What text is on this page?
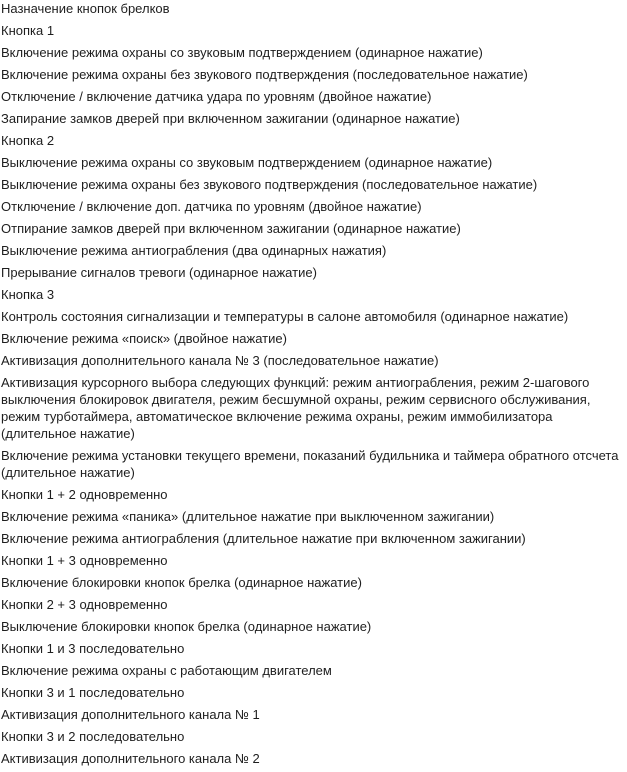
Назначение кнопок брелков
Кнопка 1
Включение режима охраны со звуковым подтверждением (одинарное нажатие)
Включение режима охраны без звукового подтверждения (последовательное нажатие)
Отключение / включение датчика удара по уровням (двойное нажатие)
Запирание замков дверей при включенном зажигании (одинарное нажатие)
Кнопка 2
Выключение режима охраны со звуковым подтверждением (одинарное нажатие)
Выключение режима охраны без звукового подтверждения (последовательное нажатие)
Отключение / включение доп. датчика по уровням (двойное нажатие)
Отпирание замков дверей при включенном зажигании (одинарное нажатие)
Выключение режима антиограбления (два одинарных нажатия)
Прерывание сигналов тревоги (одинарное нажатие)
Кнопка 3
Контроль состояния сигнализации и температуры в салоне автомобиля (одинарное нажатие)
Включение режима «поиск» (двойное нажатие)
Активизация дополнительного канала № 3 (последовательное нажатие)
Активизация курсорного выбора следующих функций: режим антиограбления, режим 2-шагового выключения блокировок двигателя, режим бесшумной охраны, режим сервисного обслуживания, режим турботаймера, автоматическое включение режима охраны, режим иммобилизатора (длительное нажатие)
Включение режима установки текущего времени, показаний будильника и таймера обратного отсчета (длительное нажатие)
Кнопки 1 + 2 одновременно
Включение режима «паника» (длительное нажатие при выключенном зажигании)
Включение режима антиограбления (длительное нажатие при включенном зажигании)
Кнопки 1 + 3 одновременно
Включение блокировки кнопок брелка (одинарное нажатие)
Кнопки 2 + 3 одновременно
Выключение блокировки кнопок брелка (одинарное нажатие)
Кнопки 1 и 3 последовательно
Включение режима охраны с работающим двигателем
Кнопки 3 и 1 последовательно
Активизация дополнительного канала № 1
Кнопки 3 и 2 последовательно
Активизация дополнительного канала № 2
